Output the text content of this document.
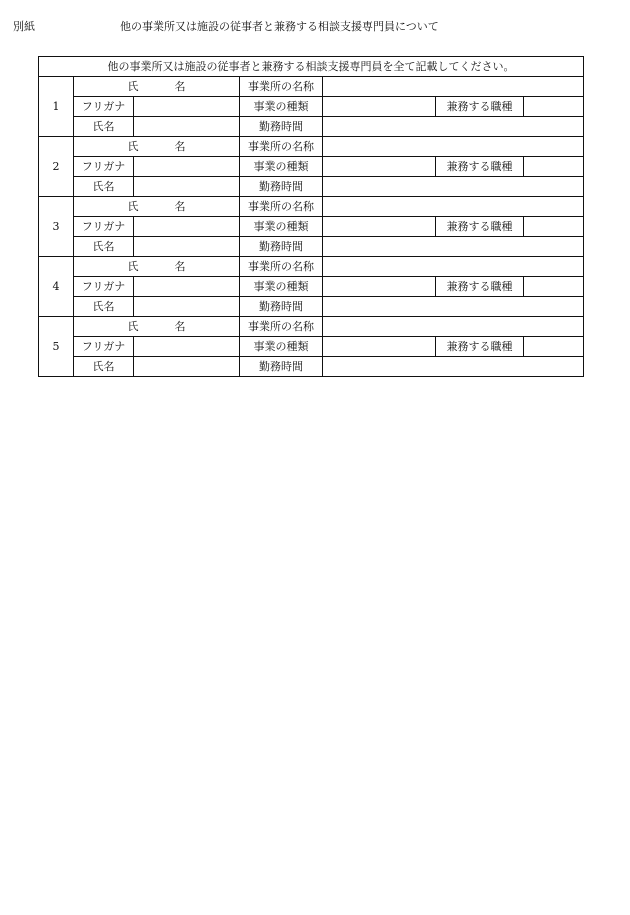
別紙	他の事業所又は施設の従事者と兼務する相談支援専門員について
他の事業所又は施設の従事者と兼務する相談支援専門員を全て記載してください。						
1	氏 名		事業所の名称			
	フリガナ		事業の種類		兼務する職種	
	氏名		勤務時間			
2	氏 名		事業所の名称			
	フリガナ		事業の種類		兼務する職種	
	氏名		勤務時間			
3	氏 名		事業所の名称			
	フリガナ		事業の種類		兼務する職種	
	氏名		勤務時間			
4	氏 名		事業所の名称			
	フリガナ		事業の種類		兼務する職種	
	氏名		勤務時間			
5	氏 名		事業所の名称			
	フリガナ		事業の種類		兼務する職種	
	氏名		勤務時間			
